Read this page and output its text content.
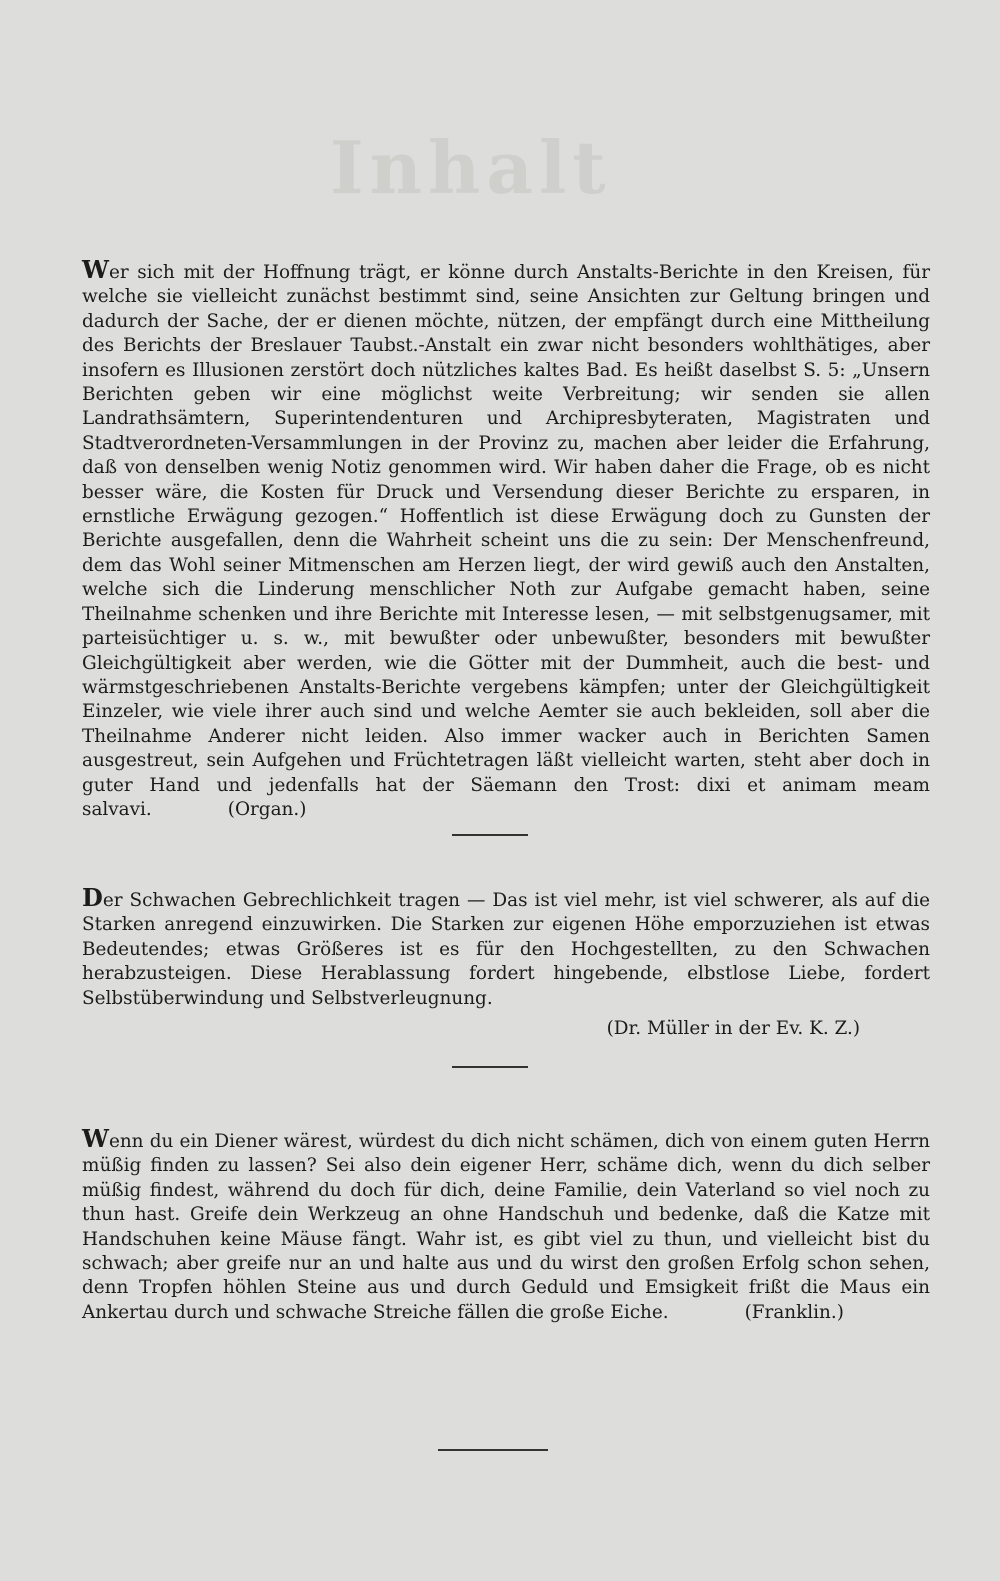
Inhalt

Wer sich mit der Hoffnung trägt, er könne durch Anstalts-Berichte in den Kreisen, für welche sie vielleicht zunächst bestimmt sind, seine Ansichten zur Geltung bringen und dadurch der Sache, der er dienen möchte, nützen, der empfängt durch eine Mittheilung des Berichts der Breslauer Taubst.-Anstalt ein zwar nicht besonders wohlthätiges, aber insofern es Illusionen zerstört doch nützliches kaltes Bad. Es heißt daselbst S. 5: „Unsern Berichten geben wir eine möglichst weite Verbreitung; wir senden sie allen Landrathsämtern, Superintendenturen und Archipresbyteraten, Magistraten und Stadtverordneten-Versammlungen in der Provinz zu, machen aber leider die Erfahrung, daß von denselben wenig Notiz genommen wird. Wir haben daher die Frage, ob es nicht besser wäre, die Kosten für Druck und Versendung dieser Berichte zu ersparen, in ernstliche Erwägung gezogen.“ Hoffentlich ist diese Erwägung doch zu Gunsten der Berichte ausgefallen, denn die Wahrheit scheint uns die zu sein: Der Menschenfreund, dem das Wohl seiner Mitmenschen am Herzen liegt, der wird gewiß auch den Anstalten, welche sich die Linderung menschlicher Noth zur Aufgabe gemacht haben, seine Theilnahme schenken und ihre Berichte mit Interesse lesen, — mit selbstgenugsamer, mit parteisüchtiger u. s. w., mit bewußter oder unbewußter, besonders mit bewußter Gleichgültigkeit aber werden, wie die Götter mit der Dummheit, auch die best- und wärmstgeschriebenen Anstalts-Berichte vergebens kämpfen; unter der Gleichgültigkeit Einzeler, wie viele ihrer auch sind und welche Aemter sie auch bekleiden, soll aber die Theilnahme Anderer nicht leiden. Also immer wacker auch in Berichten Samen ausgestreut, sein Aufgehen und Früchtetragen läßt vielleicht warten, steht aber doch in guter Hand und jedenfalls hat der Säemann den Trost: dixi et animam meam salvavi.	(Organ.)

Der Schwachen Gebrechlichkeit tragen — Das ist viel mehr, ist viel schwerer, als auf die Starken anregend einzuwirken. Die Starken zur eigenen Höhe emporzuziehen ist etwas Bedeutendes; etwas Größeres ist es für den Hochgestellten, zu den Schwachen herabzusteigen. Diese Herablassung fordert hingebende, elbstlose Liebe, fordert Selbstüberwindung und Selbstverleugnung.

(Dr. Müller in der Ev. K. Z.)

Wenn du ein Diener wärest, würdest du dich nicht schämen, dich von einem guten Herrn müßig finden zu lassen? Sei also dein eigener Herr, schäme dich, wenn du dich selber müßig findest, während du doch für dich, deine Familie, dein Vaterland so viel noch zu thun hast. Greife dein Werkzeug an ohne Handschuh und bedenke, daß die Katze mit Handschuhen keine Mäuse fängt. Wahr ist, es gibt viel zu thun, und vielleicht bist du schwach; aber greife nur an und halte aus und du wirst den großen Erfolg schon sehen, denn Tropfen höhlen Steine aus und durch Geduld und Emsigkeit frißt die Maus ein Ankertau durch und schwache Streiche fällen die große Eiche.	(Franklin.)
